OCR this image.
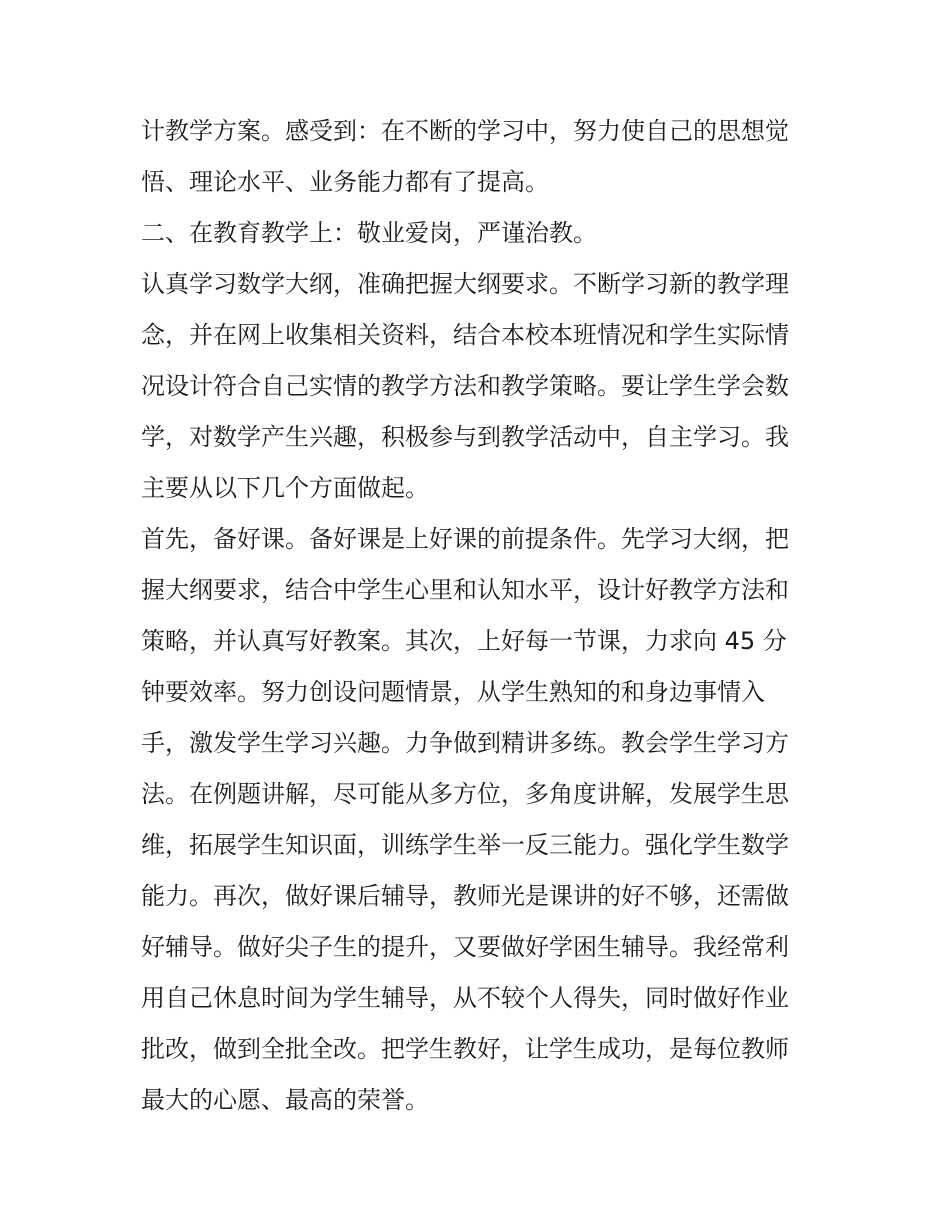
计教学方案。感受到：在不断的学习中，努力使自己的思想觉
悟、理论水平、业务能力都有了提高。
二、在教育教学上：敬业爱岗，严谨治教。
认真学习数学大纲，准确把握大纲要求。不断学习新的教学理
念，并在网上收集相关资料，结合本校本班情况和学生实际情
况设计符合自己实情的教学方法和教学策略。要让学生学会数
学，对数学产生兴趣，积极参与到教学活动中，自主学习。我
主要从以下几个方面做起。
首先，备好课。备好课是上好课的前提条件。先学习大纲，把
握大纲要求，结合中学生心里和认知水平，设计好教学方法和
策略，并认真写好教案。其次，上好每一节课，力求向 45 分
钟要效率。努力创设问题情景，从学生熟知的和身边事情入
手，激发学生学习兴趣。力争做到精讲多练。教会学生学习方
法。在例题讲解，尽可能从多方位，多角度讲解，发展学生思
维，拓展学生知识面，训练学生举一反三能力。强化学生数学
能力。再次，做好课后辅导，教师光是课讲的好不够，还需做
好辅导。做好尖子生的提升，又要做好学困生辅导。我经常利
用自己休息时间为学生辅导，从不较个人得失，同时做好作业
批改，做到全批全改。把学生教好，让学生成功，是每位教师
最大的心愿、最高的荣誉。
